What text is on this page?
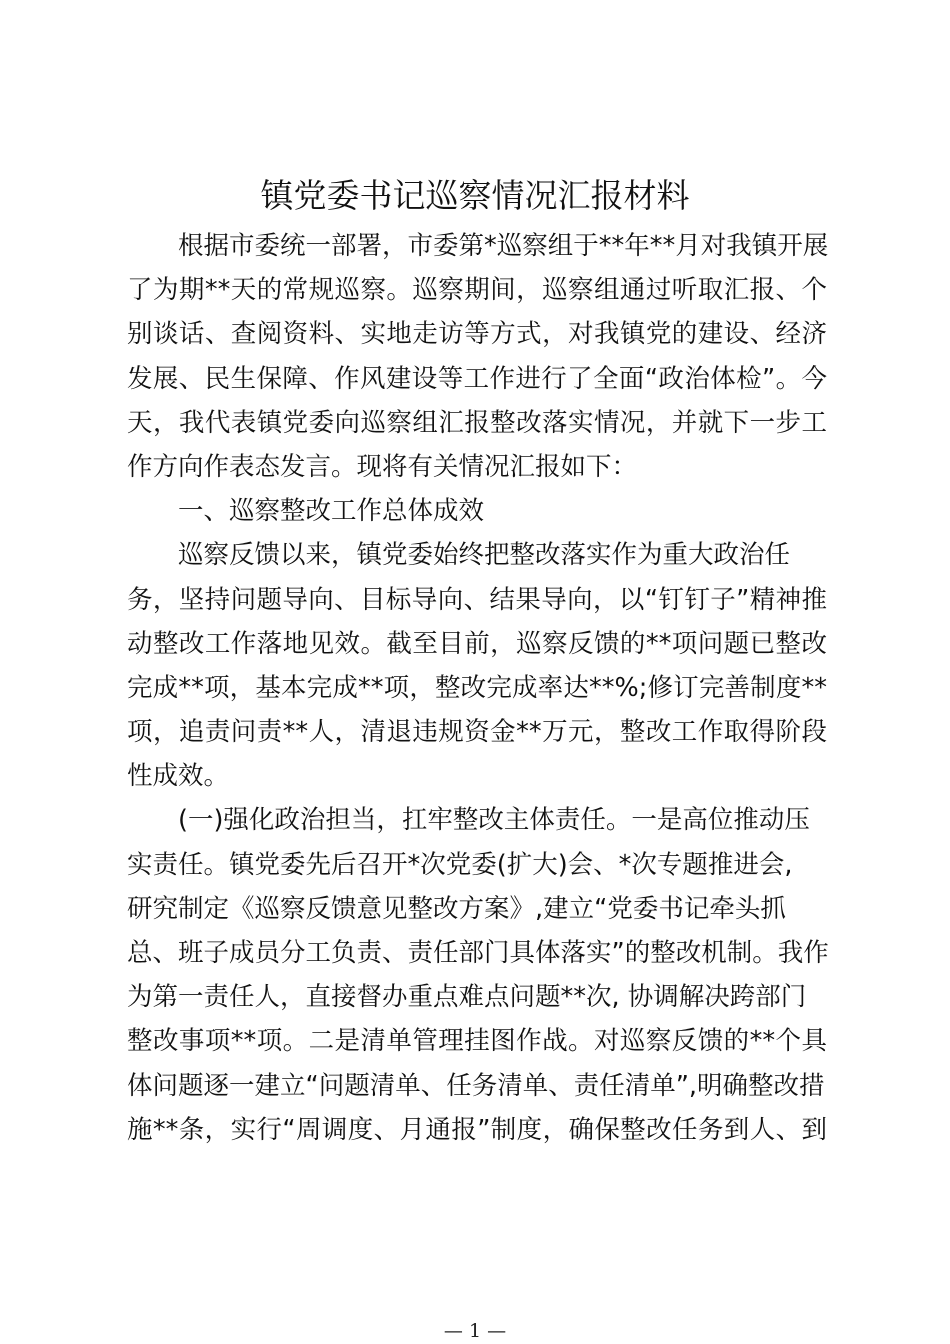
镇党委书记巡察情况汇报材料

根据市委统一部署，市委第*巡察组于**年**月对我镇开展

了为期**天的常规巡察。巡察期间，巡察组通过听取汇报、个

别谈话、查阅资料、实地走访等方式，对我镇党的建设、经济

发展、民生保障、作风建设等工作进行了全面“政治体检”。今

天，我代表镇党委向巡察组汇报整改落实情况，并就下一步工

作方向作表态发言。现将有关情况汇报如下：

一、巡察整改工作总体成效

巡察反馈以来，镇党委始终把整改落实作为重大政治任

务，坚持问题导向、目标导向、结果导向，以“钉钉子”精神推

动整改工作落地见效。截至目前，巡察反馈的**项问题已整改

完成**项，基本完成**项，整改完成率达**%;修订完善制度**

项，追责问责**人，清退违规资金**万元，整改工作取得阶段

性成效。

(一)强化政治担当，扛牢整改主体责任。一是高位推动压

实责任。镇党委先后召开*次党委(扩大)会、*次专题推进会,

研究制定《巡察反馈意见整改方案》,建立“党委书记牵头抓

总、班子成员分工负责、责任部门具体落实”的整改机制。我作

为第一责任人，直接督办重点难点问题**次, 协调解决跨部门

整改事项**项。二是清单管理挂图作战。对巡察反馈的**个具

体问题逐一建立“问题清单、任务清单、责任清单”,明确整改措

施**条，实行“周调度、月通报”制度，确保整改任务到人、到

— 1 —
